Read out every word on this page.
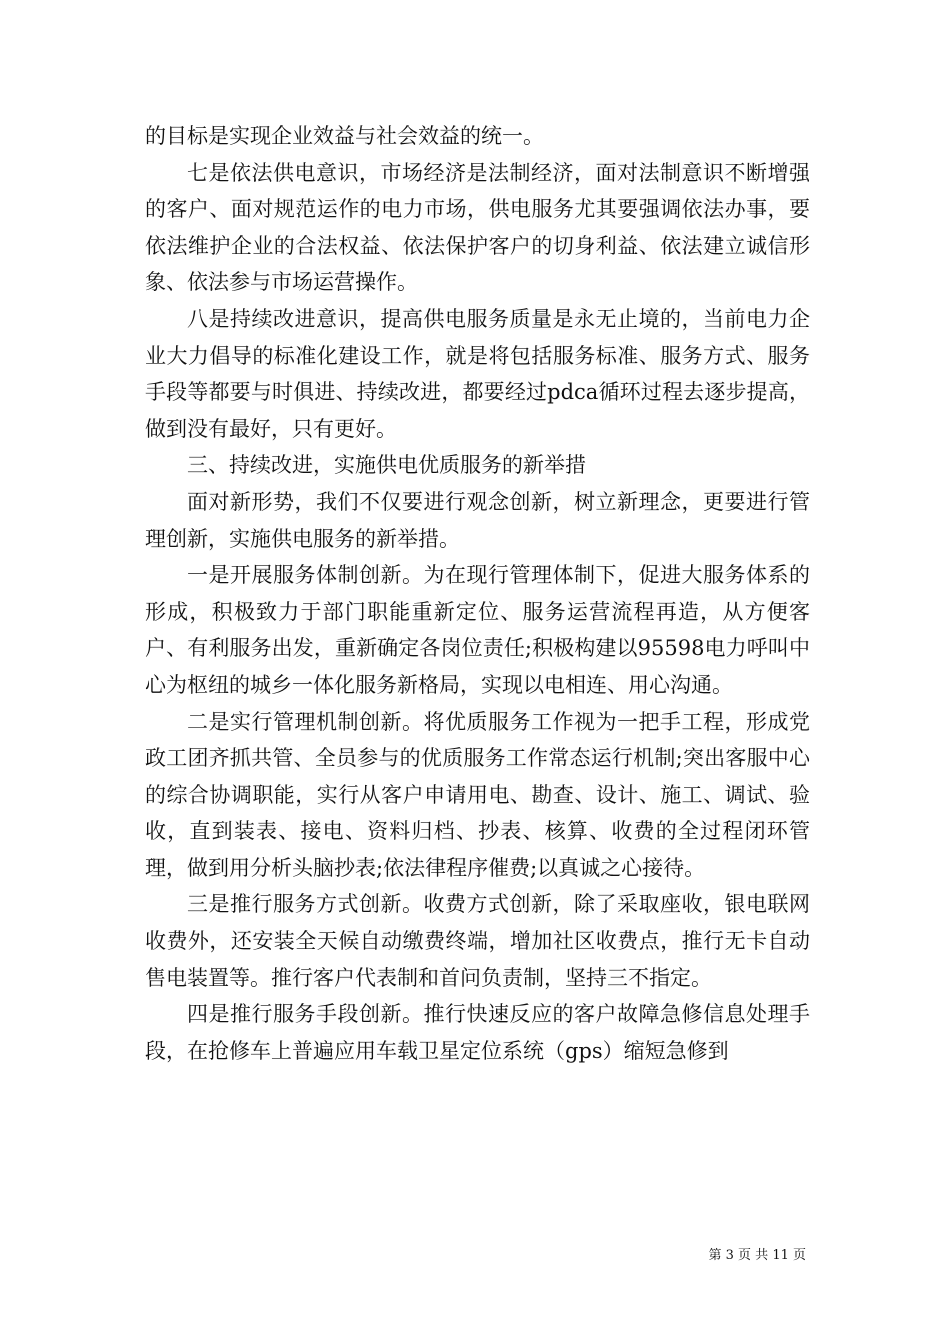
的目标是实现企业效益与社会效益的统一。

七是依法供电意识，市场经济是法制经济，面对法制意识不断增强的客户、面对规范运作的电力市场，供电服务尤其要强调依法办事，要依法维护企业的合法权益、依法保护客户的切身利益、依法建立诚信形象、依法参与市场运营操作。

八是持续改进意识，提高供电服务质量是永无止境的，当前电力企业大力倡导的标准化建设工作，就是将包括服务标准、服务方式、服务手段等都要与时俱进、持续改进，都要经过pdca循环过程去逐步提高，做到没有最好，只有更好。

三、持续改进，实施供电优质服务的新举措

面对新形势，我们不仅要进行观念创新，树立新理念，更要进行管理创新，实施供电服务的新举措。

一是开展服务体制创新。为在现行管理体制下，促进大服务体系的形成，积极致力于部门职能重新定位、服务运营流程再造，从方便客户、有利服务出发，重新确定各岗位责任;积极构建以95598电力呼叫中心为枢纽的城乡一体化服务新格局，实现以电相连、用心沟通。

二是实行管理机制创新。将优质服务工作视为一把手工程，形成党政工团齐抓共管、全员参与的优质服务工作常态运行机制;突出客服中心的综合协调职能，实行从客户申请用电、勘查、设计、施工、调试、验收，直到装表、接电、资料归档、抄表、核算、收费的全过程闭环管理，做到用分析头脑抄表;依法律程序催费;以真诚之心接待。

三是推行服务方式创新。收费方式创新，除了采取座收，银电联网收费外，还安装全天候自动缴费终端，增加社区收费点，推行无卡自动售电装置等。推行客户代表制和首问负责制，坚持三不指定。

四是推行服务手段创新。推行快速反应的客户故障急修信息处理手段，在抢修车上普遍应用车载卫星定位系统（gps）缩短急修到

第 3 页 共 11 页
